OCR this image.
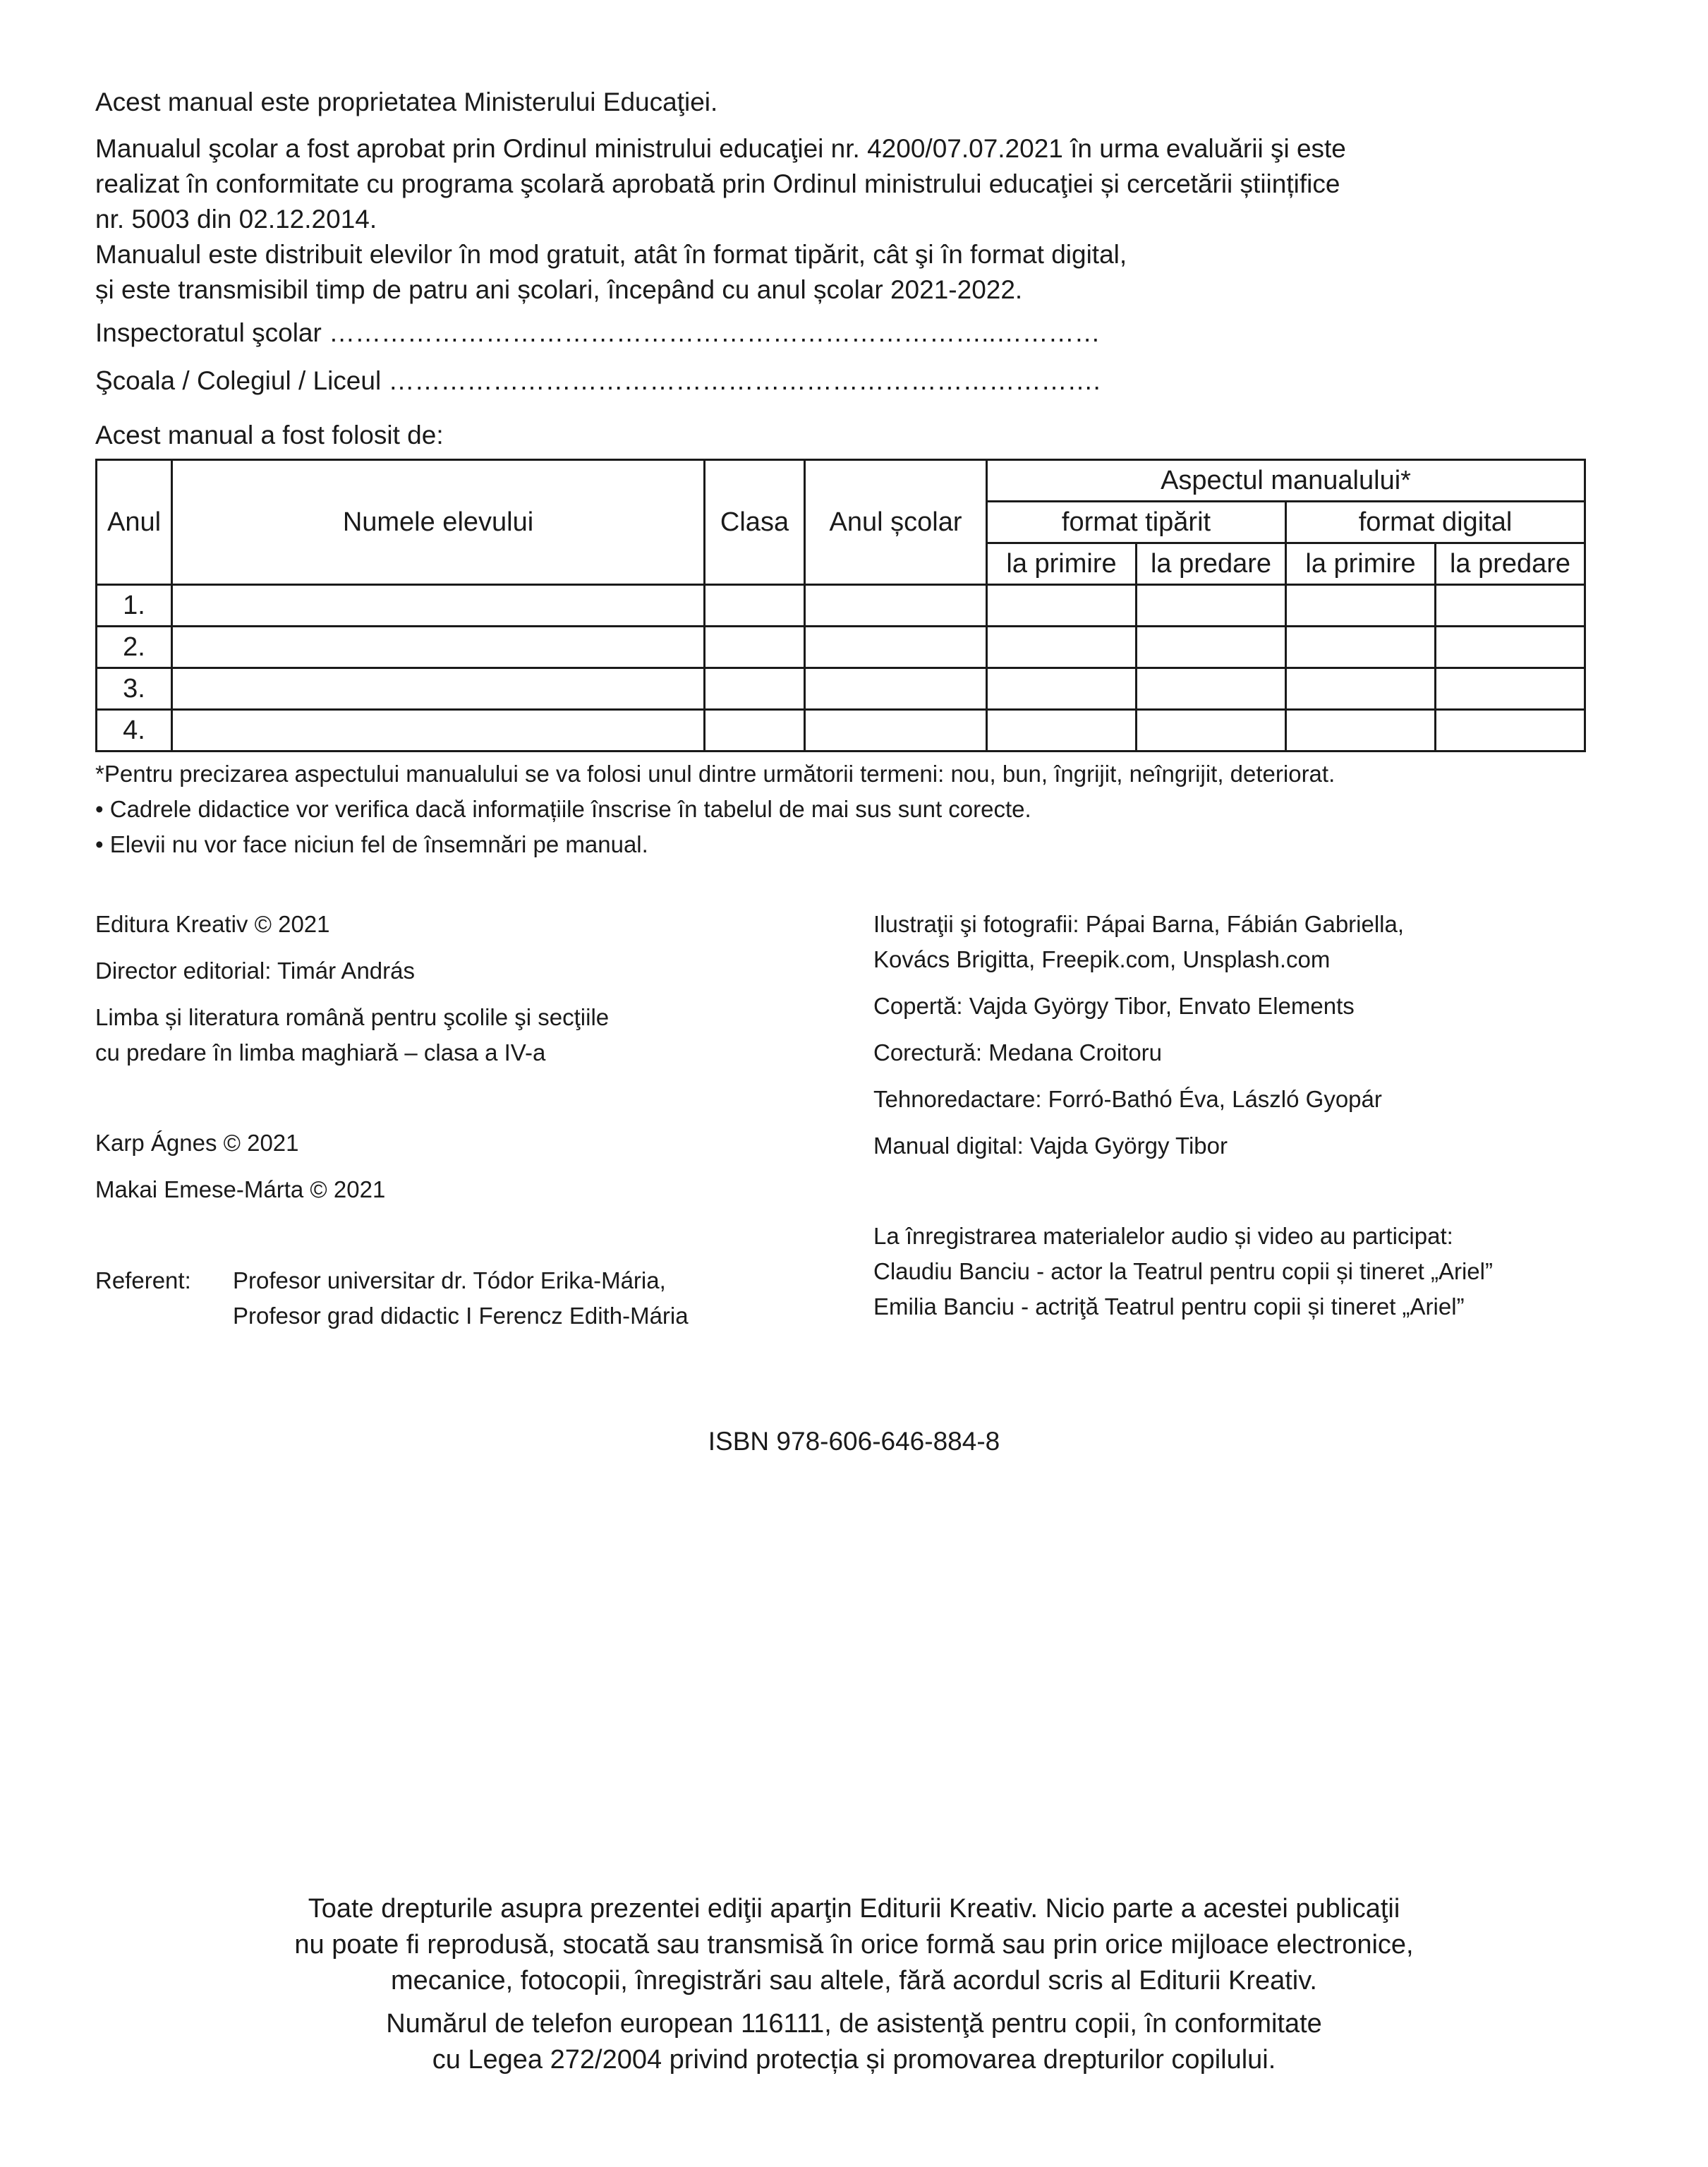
Acest manual este proprietatea Ministerului Educaţiei.

Manualul şcolar a fost aprobat prin Ordinul ministrului educaţiei nr. 4200/07.07.2021 în urma evaluării şi este

realizat în conformitate cu programa şcolară aprobată prin Ordinul ministrului educaţiei și cercetării științifice

nr. 5003 din 02.12.2014.

Manualul este distribuit elevilor în mod gratuit, atât în format tipărit, cât şi în format digital,

și este transmisibil timp de patru ani școlari, începând cu anul școlar 2021-2022.

Inspectoratul şcolar …………………………………………………………………..…………

Şcoala / Colegiul / Liceul ……………………………………………………………………….

Acest manual a fost folosit de:

Anul	Numele elevului	Clasa	Anul școlar	Aspectul manualului*			
				format tipărit		format digital	
				la primire	la predare	la primire	la predare
1.							
2.							
3.							
4.							

*Pentru precizarea aspectului manualului se va folosi unul dintre următorii termeni: nou, bun, îngrijit, neîngrijit, deteriorat.

• Cadrele didactice vor verifica dacă informațiile înscrise în tabelul de mai sus sunt corecte.

• Elevii nu vor face niciun fel de însemnări pe manual.

Editura Kreativ © 2021

Director editorial: Timár András

Limba și literatura română pentru şcolile şi secţiile

cu predare în limba maghiară – clasa a IV-a

Karp Ágnes © 2021

Makai Emese-Márta © 2021

Referent: Profesor universitar dr. Tódor Erika-Mária,

Profesor grad didactic I Ferencz Edith-Mária

Ilustraţii şi fotografii: Pápai Barna, Fábián Gabriella,

Kovács Brigitta, Freepik.com, Unsplash.com

Copertă: Vajda György Tibor, Envato Elements

Corectură: Medana Croitoru

Tehnoredactare: Forró-Bathó Éva, László Gyopár

Manual digital: Vajda György Tibor

La înregistrarea materialelor audio și video au participat:

Claudiu Banciu - actor la Teatrul pentru copii și tineret „Ariel”

Emilia Banciu - actriţă Teatrul pentru copii și tineret „Ariel”

ISBN 978-606-646-884-8

Toate drepturile asupra prezentei ediţii aparţin Editurii Kreativ. Nicio parte a acestei publicaţii

nu poate fi reprodusă, stocată sau transmisă în orice formă sau prin orice mijloace electronice,

mecanice, fotocopii, înregistrări sau altele, fără acordul scris al Editurii Kreativ.

Numărul de telefon european 116111, de asistenţă pentru copii, în conformitate

cu Legea 272/2004 privind protecția și promovarea drepturilor copilului.
